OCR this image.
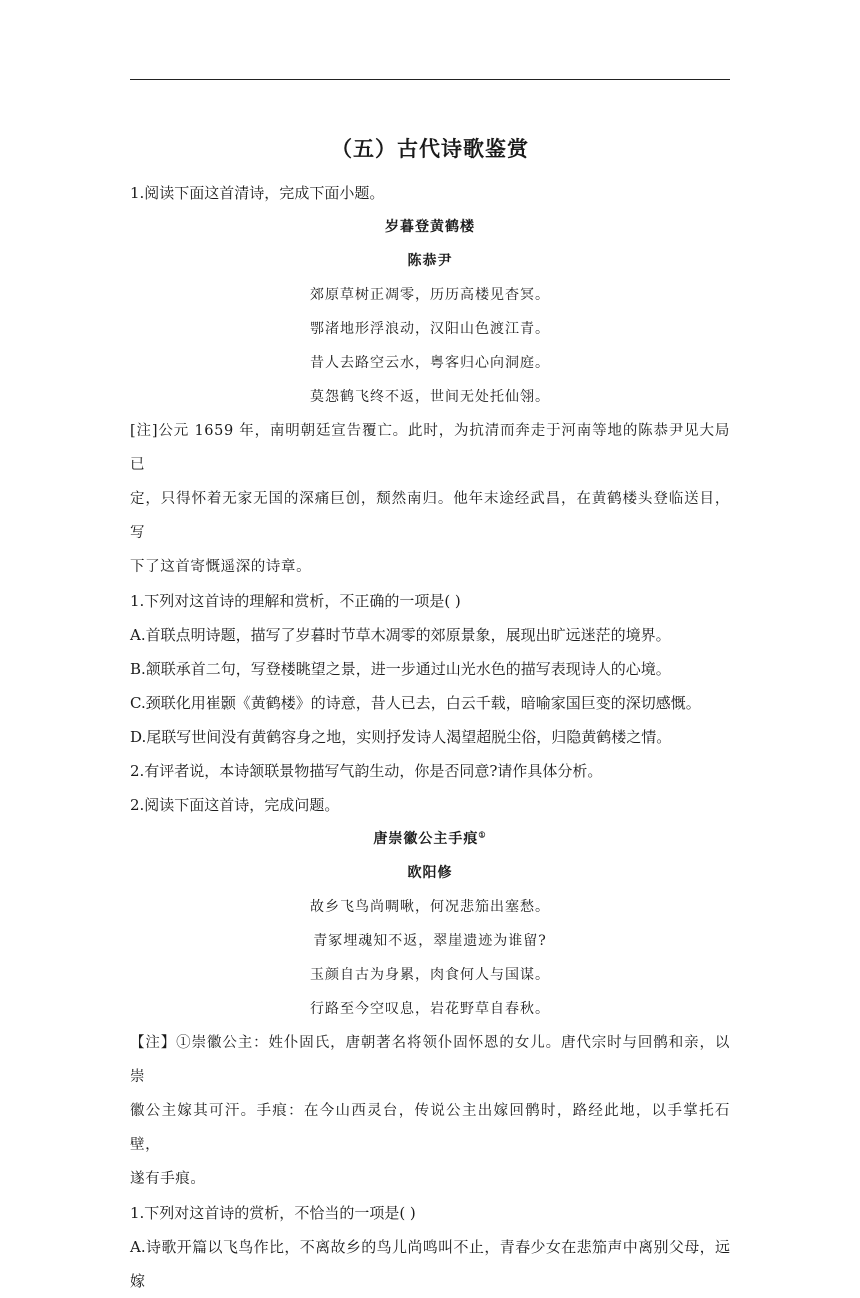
（五）古代诗歌鉴赏

1.阅读下面这首清诗，完成下面小题。

岁暮登黄鹤楼

陈恭尹

郊原草树正凋零，历历高楼见杳冥。

鄂渚地形浮浪动，汉阳山色渡江青。

昔人去路空云水，粤客归心向洞庭。

莫怨鹤飞终不返，世间无处托仙翎。

[注]公元 1659 年，南明朝廷宣告覆亡。此时，为抗清而奔走于河南等地的陈恭尹见大局已

定，只得怀着无家无国的深痛巨创，颓然南归。他年末途经武昌，在黄鹤楼头登临送目，写

下了这首寄慨遥深的诗章。

1.下列对这首诗的理解和赏析，不正确的一项是( )

A.首联点明诗题，描写了岁暮时节草木凋零的郊原景象，展现出旷远迷茫的境界。

B.颔联承首二句，写登楼眺望之景，进一步通过山光水色的描写表现诗人的心境。

C.颈联化用崔颢《黄鹤楼》的诗意，昔人已去，白云千载，暗喻家国巨变的深切感慨。

D.尾联写世间没有黄鹤容身之地，实则抒发诗人渴望超脱尘俗，归隐黄鹤楼之情。

2.有评者说，本诗颔联景物描写气韵生动，你是否同意?请作具体分析。

2.阅读下面这首诗，完成问题。

唐崇徽公主手痕①

欧阳修

故乡飞鸟尚啁啾，何况悲笳出塞愁。

青冢埋魂知不返，翠崖遗迹为谁留?

玉颜自古为身累，肉食何人与国谋。

行路至今空叹息，岩花野草自春秋。

【注】①崇徽公主：姓仆固氏，唐朝著名将领仆固怀恩的女儿。唐代宗时与回鹘和亲，以崇

徽公主嫁其可汗。手痕：在今山西灵台，传说公主出嫁回鹘时，路经此地，以手掌托石壁，

遂有手痕。

1.下列对这首诗的赏析，不恰当的一项是( )

A.诗歌开篇以飞鸟作比，不离故乡的鸟儿尚鸣叫不止，青春少女在悲笳声中离别父母，远嫁
